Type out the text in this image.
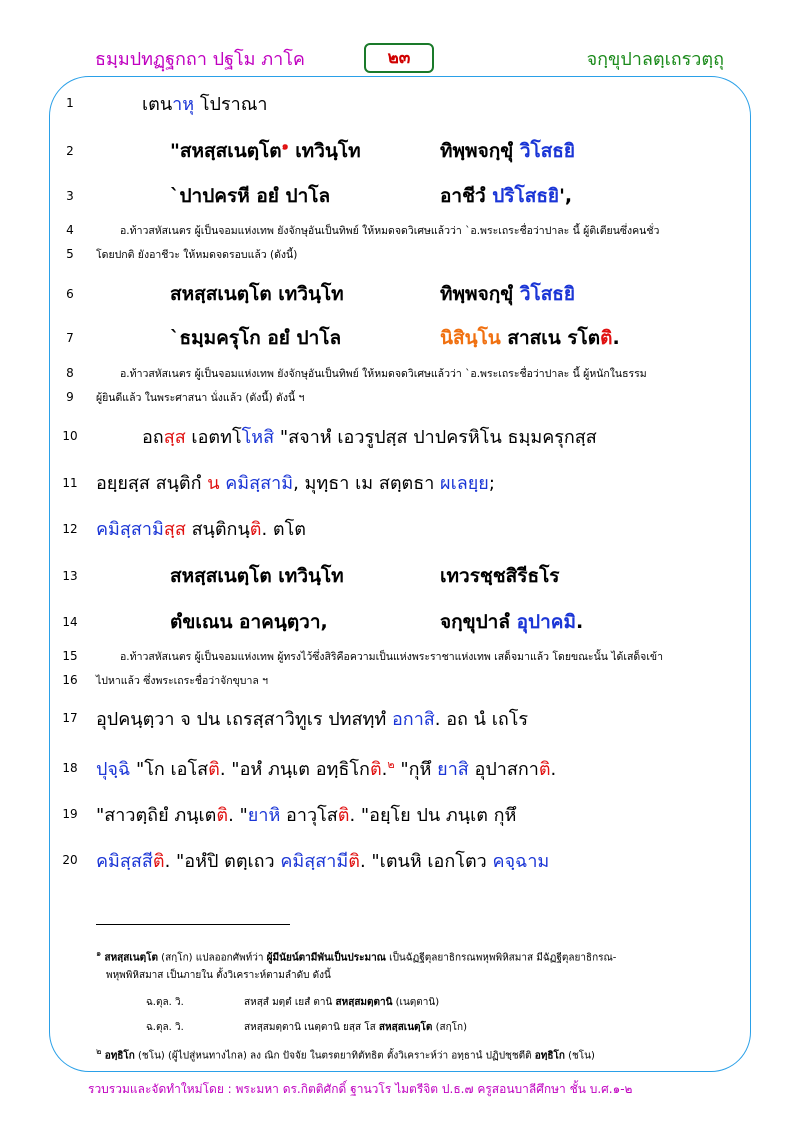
ธมฺมปทฏฺฐกถา ปฐโม ภาโค	๒๓	จกฺขุปาลตฺเถรวตฺถุ
1
2
3
4
5
6
7
8
9
10
11
12
13
14
15
16
17
18
19
20
เตนาหุ โปราณา
"สหสฺสเนตฺโต$^๑$ เทวินฺโท	ทิพฺพจกฺขุํ วิโสธยิ
`ปาปครหี อยํ ปาโล	อาชีวํ ปริโสธยิ',
อ.ท้าวสหัสเนตร ผู้เป็นจอมแห่งเทพ ยังจักษุอันเป็นทิพย์ ให้หมดจดวิเศษแล้วว่า `อ.พระเถระชื่อว่าปาละ นี้ ผู้ติเตียนซึ่งคนชั่ว
โดยปกติ ยังอาชีวะ ให้หมดจดรอบแล้ว (ดังนี้)
สหสฺสเนตฺโต เทวินฺโท	ทิพฺพจกฺขุํ วิโสธยิ
`ธมฺมครุโก อยํ ปาโล	นิสินฺโน สาสเน รโตติ.
อ.ท้าวสหัสเนตร ผู้เป็นจอมแห่งเทพ ยังจักษุอันเป็นทิพย์ ให้หมดจดวิเศษแล้วว่า `อ.พระเถระชื่อว่าปาละ นี้ ผู้หนักในธรรม
ผู้ยินดีแล้ว ในพระศาสนา นั่งแล้ว (ดังนี้) ดังนี้ ฯ
อถสฺส เอตทโโหสิ "สจาหํ เอวรูปสฺส ปาปครหิโน ธมฺมครุกสฺส
อยฺยสฺส สนฺติกํ น คมิสฺสามิ, มุทฺธา เม สตฺตธา ผเลยฺย;
คมิสฺสามิสฺส สนฺติกนฺติ. ตโต
สหสฺสเนตฺโต เทวินฺโท	เทวรชฺชสิรีธโร
ตํขเณน อาคนฺตฺวา,	จกฺขุปาลํ อุปาคมิ.
อ.ท้าวสหัสเนตร ผู้เป็นจอมแห่งเทพ ผู้ทรงไว้ซึ่งสิริคือความเป็นแห่งพระราชาแห่งเทพ เสด็จมาแล้ว โดยขณะนั้น ได้เสด็จเข้า
ไปหาแล้ว ซึ่งพระเถระชื่อว่าจักขุบาล ฯ
อุปคนฺตฺวา จ ปน เถรสฺสาวิทูเร ปทสทฺทํ อกาสิ. อถ นํ เถโร
ปุจฺฉิ "โก เอโสติ. "อหํ ภนฺเต อทฺธิโกติ.$^๒$ "กุหึ ยาสิ อุปาสกาติ.
"สาวตฺถิยํ ภนฺเตติ. "ยาหิ อาวุโสติ. "อยฺโย ปน ภนฺเต กุหึ
คมิสฺสสีติ. "อหํปิ ตตฺเถว คมิสฺสามีติ. "เตนหิ เอกโตว คจฺฉาม
$^๑$ สหสฺสเนตฺโต (สกฺโก) แปลออกศัพท์ว่า ผู้มีนัยน์ตามีพันเป็นประมาณ เป็นฉัฏฐีตุลยาธิกรณพหุพพิหิสมาส มีฉัฏฐีตุลยาธิกรณ-
พหุพพิหิสมาส เป็นภายใน ตั้งวิเคราะห์ตามลำดับ ดังนี้
ฉ.ตุล. วิ.	สหสฺสํ มตฺตํ เยสํ ตานิ สหสฺสมตฺตานิ (เนตฺตานิ)
ฉ.ตุล. วิ.	สหสฺสมตฺตานิ เนตฺตานิ ยสฺส โส สหสฺสเนตฺโต (สกฺโก)
$^๒$ อทฺธิโก (ชโน) (ผู้ไปสู่หนทางไกล) ลง ณิก ปัจจัย ในตรตยาทิตัทธิต ตั้งวิเคราะห์ว่า อทฺธานํ ปฏิปชฺชตีติ อทฺธิโก (ชโน)
รวบรวมและจัดทำใหม่โดย : พระมหา ดร.กิตติศักดิ์ ฐานวโร ไมตรีจิต ป.ธ.๗ ครูสอนบาลีศึกษา ชั้น บ.ศ.๑-๒
